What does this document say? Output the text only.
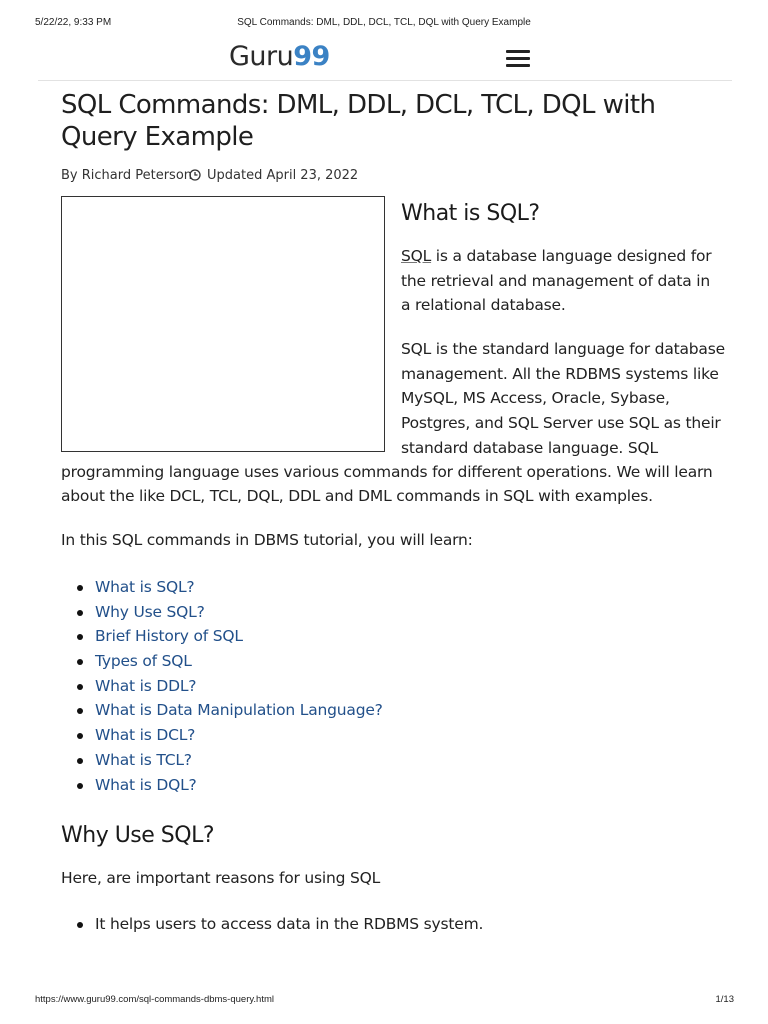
5/22/22, 9:33 PM	SQL Commands: DML, DDL, DCL, TCL, DQL with Query Example
Guru99
SQL Commands: DML, DDL, DCL, TCL, DQL with Query Example
By Richard Peterson Updated April 23, 2022
What is SQL?

SQL is a database language designed for the retrieval and management of data in a relational database.

SQL is the standard language for database
management. All the RDBMS systems like
MySQL, MS Access, Oracle, Sybase,
Postgres, and SQL Server use SQL as their
standard database language. SQL
programming language uses various commands for different operations. We will learn
about the like DCL, TCL, DQL, DDL and DML commands in SQL with examples.

In this SQL commands in DBMS tutorial, you will learn:

What is SQL?
Why Use SQL?
Brief History of SQL
Types of SQL
What is DDL?
What is Data Manipulation Language?
What is DCL?
What is TCL?
What is DQL?
Why Use SQL?

Here, are important reasons for using SQL

It helps users to access data in the RDBMS system.
https://www.guru99.com/sql-commands-dbms-query.html	1/13
